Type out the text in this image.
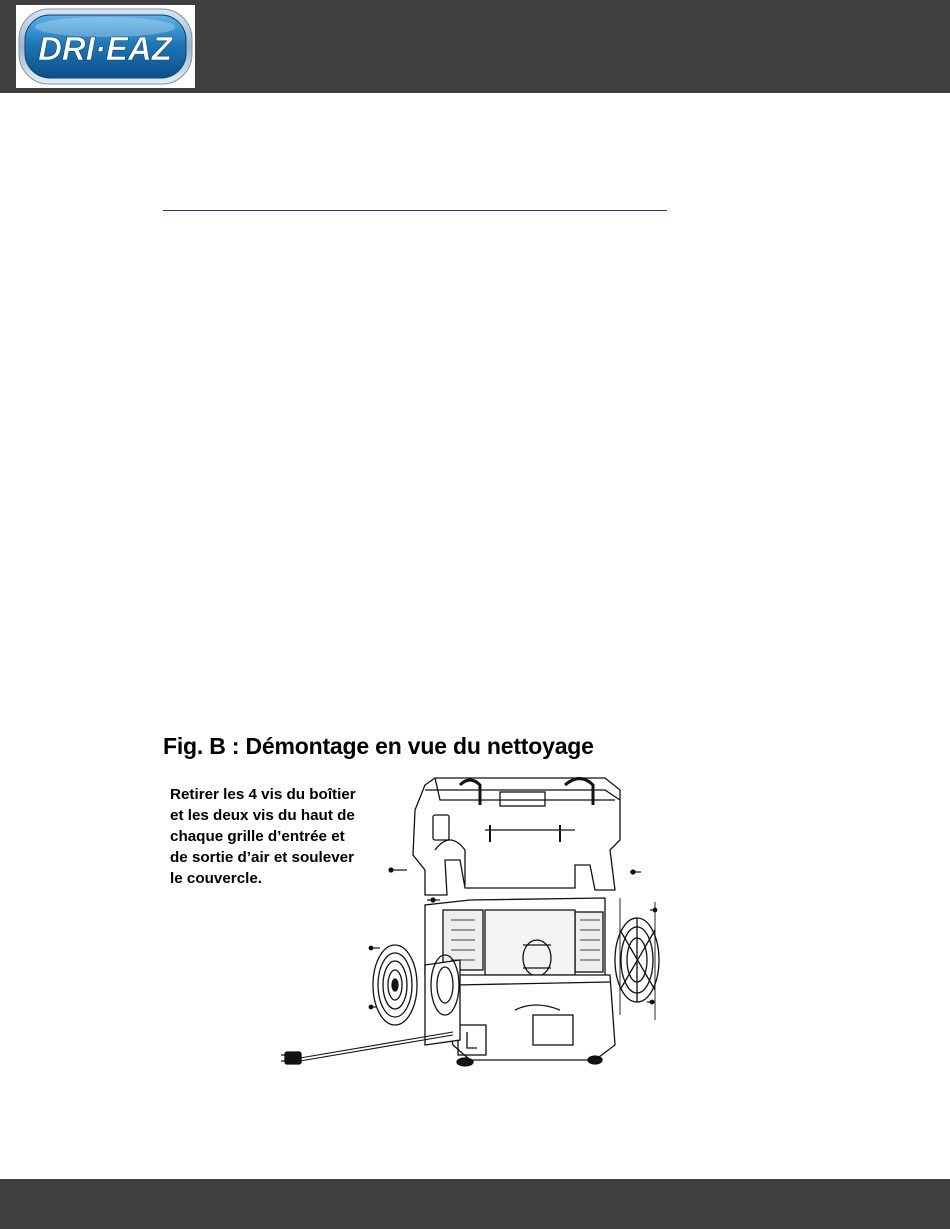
DRI·EAZ
Fig. B : Démontage en vue du nettoyage
Retirer les 4 vis du boîtier et les deux vis du haut de chaque grille d’entrée et de sortie d’air et soulever le couvercle.
